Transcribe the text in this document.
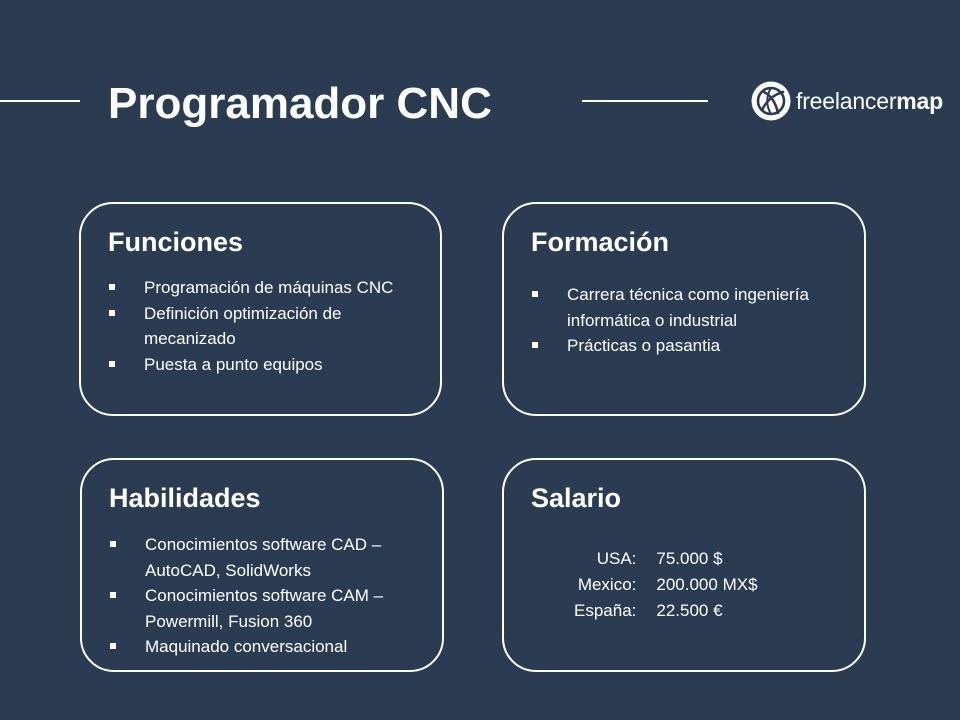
Programador CNC	freelancermap
Funciones
Programación de máquinas CNC
Definición optimización de mecanizado
Puesta a punto equipos
Formación
Carrera técnica como ingeniería informática o industrial
Prácticas o pasantia
Habilidades
Conocimientos software CAD – AutoCAD, SolidWorks
Conocimientos software CAM – Powermill, Fusion 360
Maquinado conversacional
Salario
USA:	75.000 $
Mexico:	200.000 MX$
España:	22.500 €
